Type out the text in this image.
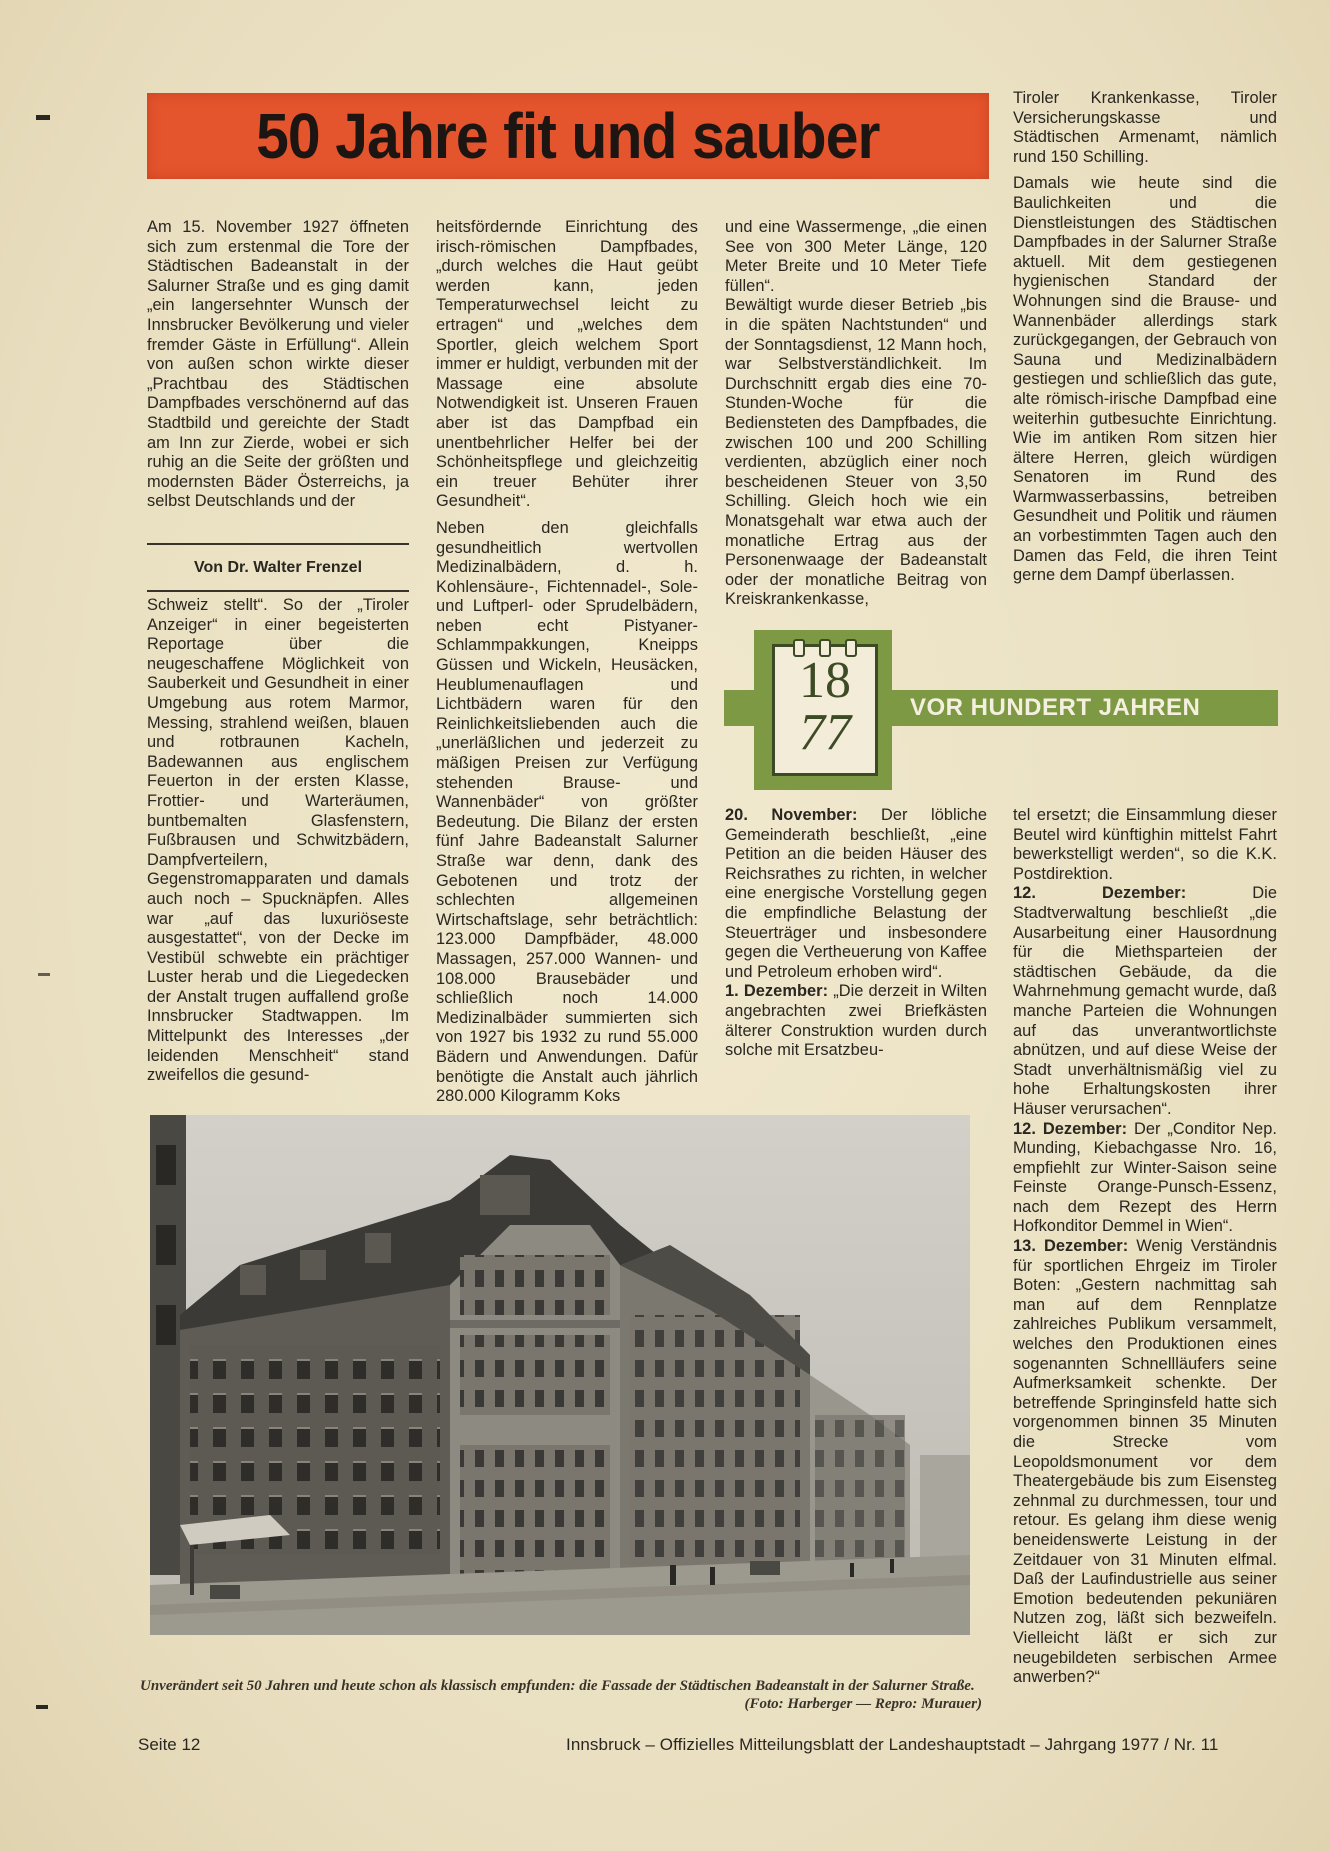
50 Jahre fit und sauber

Am 15. November 1927 öffneten sich zum erstenmal die Tore der Städtischen Badeanstalt in der Salurner Straße und es ging damit „ein langersehnter Wunsch der Innsbrucker Bevölkerung und vieler fremder Gäste in Erfüllung“. Allein von außen schon wirkte dieser „Prachtbau des Städtischen Dampfbades verschönernd auf das Stadtbild und gereichte der Stadt am Inn zur Zierde, wobei er sich ruhig an die Seite der größten und modernsten Bäder Österreichs, ja selbst Deutschlands und der

Von Dr. Walter Frenzel

Schweiz stellt“. So der „Tiroler Anzeiger“ in einer begeisterten Reportage über die neugeschaffene Möglichkeit von Sauberkeit und Gesundheit in einer Umgebung aus rotem Marmor, Messing, strahlend weißen, blauen und rotbraunen Kacheln, Badewannen aus englischem Feuerton in der ersten Klasse, Frottier- und Warteräumen, buntbemalten Glasfenstern, Fußbrausen und Schwitzbädern, Dampfverteilern, Gegenstromapparaten und damals auch noch – Spucknäpfen. Alles war „auf das luxuriöseste ausgestattet“, von der Decke im Vestibül schwebte ein prächtiger Luster herab und die Liegedecken der Anstalt trugen auffallend große Innsbrucker Stadtwappen. Im Mittelpunkt des Interesses „der leidenden Menschheit“ stand zweifellos die gesund-

heitsfördernde Einrichtung des irisch-römischen Dampfbades, „durch welches die Haut geübt werden kann, jeden Temperaturwechsel leicht zu ertragen“ und „welches dem Sportler, gleich welchem Sport immer er huldigt, verbunden mit der Massage eine absolute Notwendigkeit ist. Unseren Frauen aber ist das Dampfbad ein unentbehrlicher Helfer bei der Schönheitspflege und gleichzeitig ein treuer Behüter ihrer Gesundheit“.

Neben den gleichfalls gesundheitlich wertvollen Medizinalbädern, d. h. Kohlensäure-, Fichtennadel-, Sole- und Luftperl- oder Sprudelbädern, neben echt Pistyaner-Schlammpakkungen, Kneipps Güssen und Wickeln, Heusäcken, Heublumenauflagen und Lichtbädern waren für den Reinlichkeitsliebenden auch die „unerläßlichen und jederzeit zu mäßigen Preisen zur Verfügung stehenden Brause- und Wannenbäder“ von größter Bedeutung. Die Bilanz der ersten fünf Jahre Badeanstalt Salurner Straße war denn, dank des Gebotenen und trotz der schlechten allgemeinen Wirtschaftslage, sehr beträchtlich: 123.000 Dampfbäder, 48.000 Massagen, 257.000 Wannen- und 108.000 Brausebäder und schließlich noch 14.000 Medizinalbäder summierten sich von 1927 bis 1932 zu rund 55.000 Bädern und Anwendungen. Dafür benötigte die Anstalt auch jährlich 280.000 Kilogramm Koks

und eine Wassermenge, „die einen See von 300 Meter Länge, 120 Meter Breite und 10 Meter Tiefe füllen“.

Bewältigt wurde dieser Betrieb „bis in die späten Nachtstunden“ und der Sonntagsdienst, 12 Mann hoch, war Selbstverständlichkeit. Im Durchschnitt ergab dies eine 70-Stunden-Woche für die Bediensteten des Dampfbades, die zwischen 100 und 200 Schilling verdienten, abzüglich einer noch bescheidenen Steuer von 3,50 Schilling. Gleich hoch wie ein Monatsgehalt war etwa auch der monatliche Ertrag aus der Personenwaage der Badeanstalt oder der monatliche Beitrag von Kreiskrankenkasse,

Tiroler Krankenkasse, Tiroler Versicherungskasse und Städtischen Armenamt, nämlich rund 150 Schilling.

Damals wie heute sind die Baulichkeiten und die Dienstleistungen des Städtischen Dampfbades in der Salurner Straße aktuell. Mit dem gestiegenen hygienischen Standard der Wohnungen sind die Brause- und Wannenbäder allerdings stark zurückgegangen, der Gebrauch von Sauna und Medizinalbädern gestiegen und schließlich das gute, alte römisch-irische Dampfbad eine weiterhin gutbesuchte Einrichtung. Wie im antiken Rom sitzen hier ältere Herren, gleich würdigen Senatoren im Rund des Warmwasserbassins, betreiben Gesundheit und Politik und räumen an vorbestimmten Tagen auch den Damen das Feld, die ihren Teint gerne dem Dampf überlassen.

18
77	VOR HUNDERT JAHREN

20. November: Der löbliche Gemeinderath beschließt, „eine Petition an die beiden Häuser des Reichsrathes zu richten, in welcher eine energische Vorstellung gegen die empfindliche Belastung der Steuerträger und insbesondere gegen die Vertheuerung von Kaffee und Petroleum erhoben wird“.

1. Dezember: „Die derzeit in Wilten angebrachten zwei Briefkästen älterer Construktion wurden durch solche mit Ersatzbeu-

tel ersetzt; die Einsammlung dieser Beutel wird künftighin mittelst Fahrt bewerkstelligt werden“, so die K.K. Postdirektion.

12. Dezember: Die Stadtverwaltung beschließt „die Ausarbeitung einer Hausordnung für die Miethsparteien der städtischen Gebäude, da die Wahrnehmung gemacht wurde, daß manche Parteien die Wohnungen auf das unverantwortlichste abnützen, und auf diese Weise der Stadt unverhältnismäßig viel zu hohe Erhaltungskosten ihrer Häuser verursachen“.

12. Dezember: Der „Conditor Nep. Munding, Kiebachgasse Nro. 16, empfiehlt zur Winter-Saison seine Feinste Orange-Punsch-Essenz, nach dem Rezept des Herrn Hofkonditor Demmel in Wien“.

13. Dezember: Wenig Verständnis für sportlichen Ehrgeiz im Tiroler Boten: „Gestern nachmittag sah man auf dem Rennplatze zahlreiches Publikum versammelt, welches den Produktionen eines sogenannten Schnellläufers seine Aufmerksamkeit schenkte. Der betreffende Springinsfeld hatte sich vorgenommen binnen 35 Minuten die Strecke vom Leopoldsmonument vor dem Theatergebäude bis zum Eisensteg zehnmal zu durchmessen, tour und retour. Es gelang ihm diese wenig beneidenswerte Leistung in der Zeitdauer von 31 Minuten elfmal. Daß der Laufindustrielle aus seiner Emotion bedeutenden pekuniären Nutzen zog, läßt sich bezweifeln. Vielleicht läßt er sich zur neugebildeten serbischen Armee anwerben?“

Unverändert seit 50 Jahren und heute schon als klassisch empfunden: die Fassade der Städtischen Badeanstalt in der Salurner Straße.
(Foto: Harberger — Repro: Murauer)
Seite 12	Innsbruck – Offizielles Mitteilungsblatt der Landeshauptstadt – Jahrgang 1977 / Nr. 11
